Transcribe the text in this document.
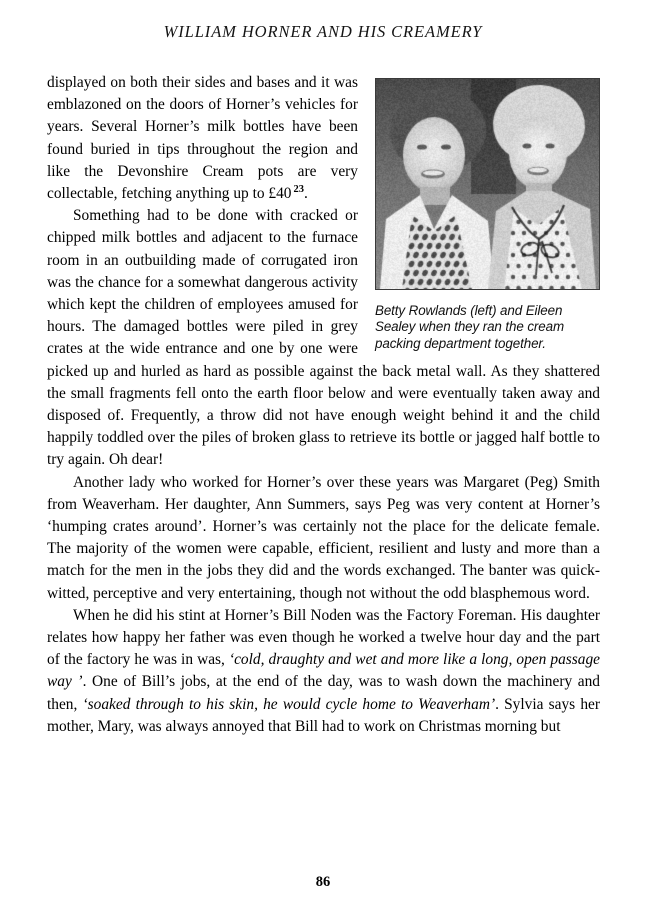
WILLIAM HORNER AND HIS CREAMERY
Betty Rowlands (left) and Eileen Sealey when they ran the cream packing department together.

displayed on both their sides and bases and it was emblazoned on the doors of Horner’s vehicles for years. Several Horner’s milk bottles have been found buried in tips throughout the region and like the Devonshire Cream pots are very collectable, fetching anything up to £40 $^{23}$.

Something had to be done with cracked or chipped milk bottles and adjacent to the furnace room in an outbuilding made of corrugated iron was the chance for a somewhat dangerous activity which kept the children of employees amused for hours. The damaged bottles were piled in grey crates at the wide entrance and one by one were picked up and hurled as hard as possible against the back metal wall. As they shattered the small fragments fell onto the earth floor below and were eventually taken away and disposed of. Frequently, a throw did not have enough weight behind it and the child happily toddled over the piles of broken glass to retrieve its bottle or jagged half bottle to try again. Oh dear!

Another lady who worked for Horner’s over these years was Margaret (Peg) Smith from Weaverham. Her daughter, Ann Summers, says Peg was very content at Horner’s ‘humping crates around’. Horner’s was certainly not the place for the delicate female. The majority of the women were capable, efficient, resilient and lusty and more than a match for the men in the jobs they did and the words exchanged. The banter was quick-witted, perceptive and very entertaining, though not without the odd blasphemous word.

When he did his stint at Horner’s Bill Noden was the Factory Foreman. His daughter relates how happy her father was even though he worked a twelve hour day and the part of the factory he was in was, ‘cold, draughty and wet and more like a long, open passage way ’. One of Bill’s jobs, at the end of the day, was to wash down the machinery and then, ‘soaked through to his skin, he would cycle home to Weaverham’. Sylvia says her mother, Mary, was always annoyed that Bill had to work on Christmas morning but

86
